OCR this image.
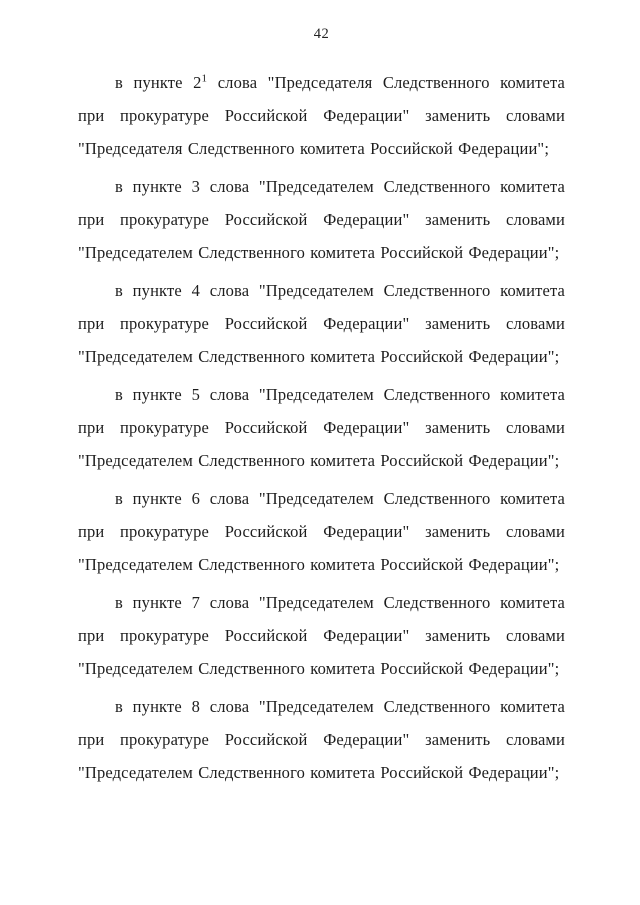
42

в пункте $2^1$ слова "Председателя Следственного комитета при прокуратуре Российской Федерации" заменить словами "Председателя Следственного комитета Российской Федерации";

в пункте 3 слова "Председателем Следственного комитета при прокуратуре Российской Федерации" заменить словами "Председателем Следственного комитета Российской Федерации";

в пункте 4 слова "Председателем Следственного комитета при прокуратуре Российской Федерации" заменить словами "Председателем Следственного комитета Российской Федерации";

в пункте 5 слова "Председателем Следственного комитета при прокуратуре Российской Федерации" заменить словами "Председателем Следственного комитета Российской Федерации";

в пункте 6 слова "Председателем Следственного комитета при прокуратуре Российской Федерации" заменить словами "Председателем Следственного комитета Российской Федерации";

в пункте 7 слова "Председателем Следственного комитета при прокуратуре Российской Федерации" заменить словами "Председателем Следственного комитета Российской Федерации";

в пункте 8 слова "Председателем Следственного комитета при прокуратуре Российской Федерации" заменить словами "Председателем Следственного комитета Российской Федерации";
